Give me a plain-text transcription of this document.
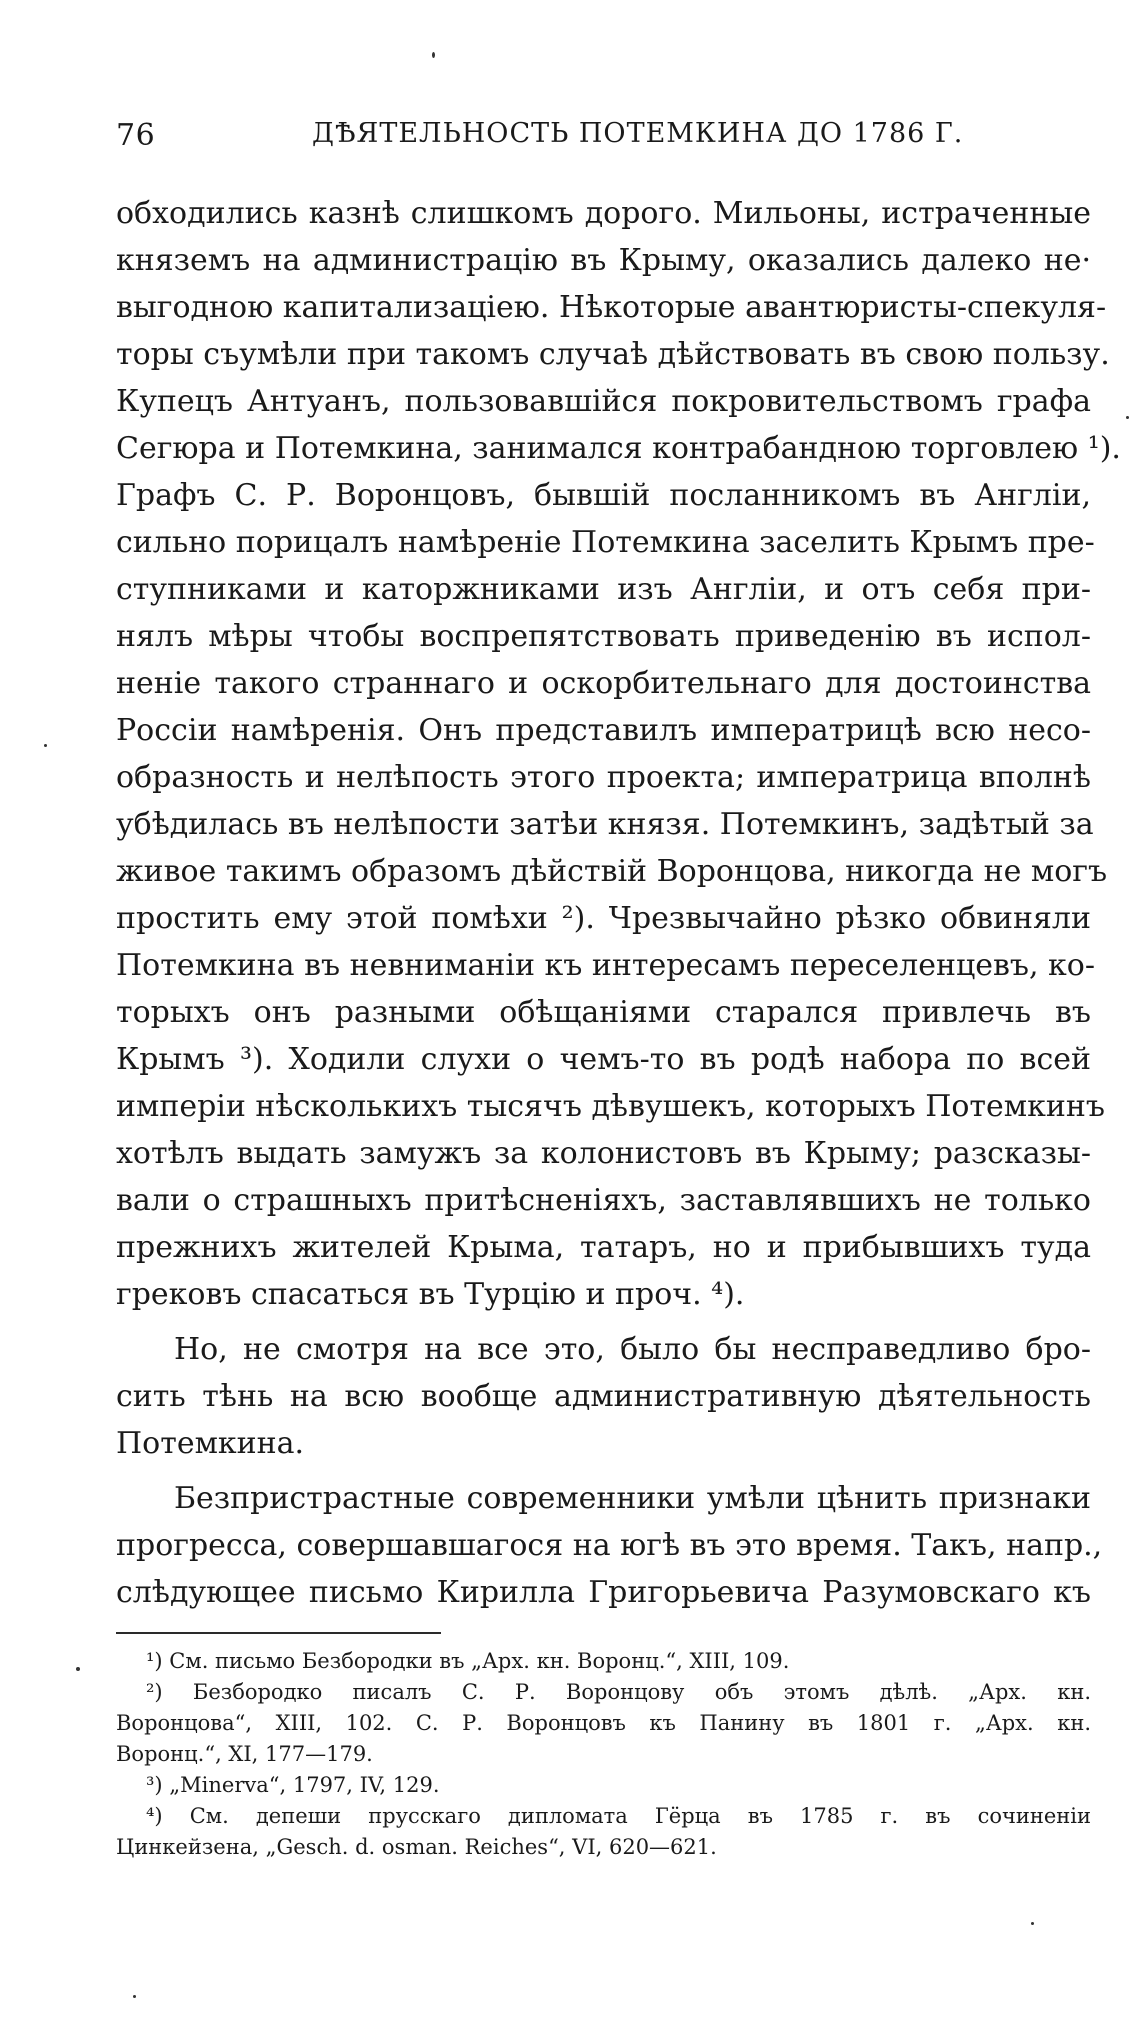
76	ДѢЯТЕЛЬНОСТЬ ПОТЕМКИНА ДО 1786 Г.
обходились казнѣ слишкомъ дорого. Мильоны, истраченные
княземъ на администрацію въ Крыму, оказались далеко не·
выгодною капитализаціею. Нѣкоторые авантюристы-спекуля-
торы съумѣли при такомъ случаѣ дѣйствовать въ свою пользу.
Купецъ Антуанъ, пользовавшійся покровительствомъ графа
Сегюра и Потемкина, занимался контрабандною торговлею ¹).
Графъ С. Р. Воронцовъ, бывшій посланникомъ въ Англіи,
сильно порицалъ намѣреніе Потемкина заселить Крымъ пре-
ступниками и каторжниками изъ Англіи, и отъ себя при-
нялъ мѣры чтобы воспрепятствовать приведенію въ испол-
неніе такого страннаго и оскорбительнаго для достоинства
Россіи намѣренія. Онъ представилъ императрицѣ всю несо-
образность и нелѣпость этого проекта; императрица вполнѣ
убѣдилась въ нелѣпости затѣи князя. Потемкинъ, задѣтый за
живое такимъ образомъ дѣйствій Воронцова, никогда не могъ
простить ему этой помѣхи ²). Чрезвычайно рѣзко обвиняли
Потемкина въ невниманіи къ интересамъ переселенцевъ, ко-
торыхъ онъ разными обѣщаніями старался привлечь въ
Крымъ ³). Ходили слухи о чемъ-то въ родѣ набора по всей
имперіи нѣсколькихъ тысячъ дѣвушекъ, которыхъ Потемкинъ
хотѣлъ выдать замужъ за колонистовъ въ Крыму; разсказы-
вали о страшныхъ притѣсненіяхъ, заставлявшихъ не только
прежнихъ жителей Крыма, татаръ, но и прибывшихъ туда
грековъ спасаться въ Турцію и проч. ⁴).
Но, не смотря на все это, было бы несправедливо бро-
сить тѣнь на всю вообще административную дѣятельность
Потемкина.
Безпристрастные современники умѣли цѣнить признаки
прогресса, совершавшагося на югѣ въ это время. Такъ, напр.,
слѣдующее письмо Кирилла Григорьевича Разумовскаго къ
¹) См. письмо Безбородки въ „Арх. кн. Воронц.“, XIII, 109.
²) Безбородко писалъ С. Р. Воронцову объ этомъ дѣлѣ. „Арх. кн.
Воронцова“, XIII, 102. С. Р. Воронцовъ къ Панину въ 1801 г. „Арх. кн.
Воронц.“, XI, 177—179.
³) „Minerva“, 1797, IV, 129.
⁴) См. депеши прусскаго дипломата Гёрца въ 1785 г. въ сочиненіи
Цинкейзена, „Gesch. d. osman. Reiches“, VI, 620—621.
